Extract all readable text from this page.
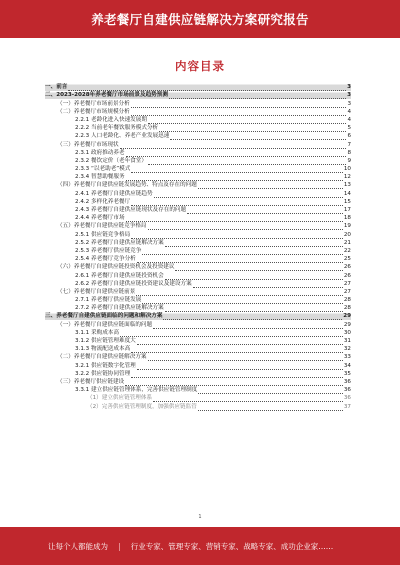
养老餐厅自建供应链解决方案研究报告
内容目录
一、前言	3
二、2023-2028年养老餐厅市场前景及趋势预测	3
（一）养老餐厅市场前景分析	3
（二）养老餐厅市场规模分析	4
2.2.1 老龄化进入快速发展期	4
2.2.2 当前老年餐饮服务模式分析	5
2.2.3 人口老龄化、养老产业发展迅速	6
（三）养老餐厅市场现状	7
2.3.1 政府推动养老	8
2.3.2 餐饮定价（老年食堂）	9
2.3.3 “以老助老”模式	10
2.3.4 智慧助餐服务	12
（四）养老餐厅自建供应链发展趋势、特点及存在的问题	13
2.4.1 养老餐厅自建供应链趋势	14
2.4.2 多样化养老餐厅	15
2.4.3 养老餐厅自建供应链现状及存在的问题	17
2.4.4 养老餐厅市场	18
（五）养老餐厅自建供应链竞争格局	19
2.5.1 供应链竞争格局	20
2.5.2 养老餐厅自建供应链解决方案	21
2.5.3 养老餐厅供应链竞争	22
2.5.4 养老餐厅竞争分析	25
（六）养老餐厅自建供应链投资机会及投资建议	26
2.6.1 养老餐厅自建供应链投资机会	26
2.6.2 养老餐厅自建供应链投资建议及建设方案	27
（七）养老餐厅自建供应链前景	27
2.7.1 养老餐厅供应链发展	28
2.7.2 养老餐厅自建供应链解决方案	28
三、养老餐厅自建供应链面临的问题和解决方案	29
（一）养老餐厅自建供应链面临的问题	29
3.1.1 采购成本高	30
3.1.2 供应链管理难度大	31
3.1.3 物流配送成本高	32
（二）养老餐厅自建供应链解决方案	33
3.2.1 供应链数字化管理	34
3.2.2 供应链协同管理	35
（三）养老餐厅供应链建设	36
3.3.1 建立供应链管理体系，完善供应链管理制度	36
（1）建立供应链管理体系	36
（2）完善供应链管理制度，加强供应链监管	37
1
让每个人都能成为 | 行业专家、管理专家、营销专家、战略专家、成功企业家……
